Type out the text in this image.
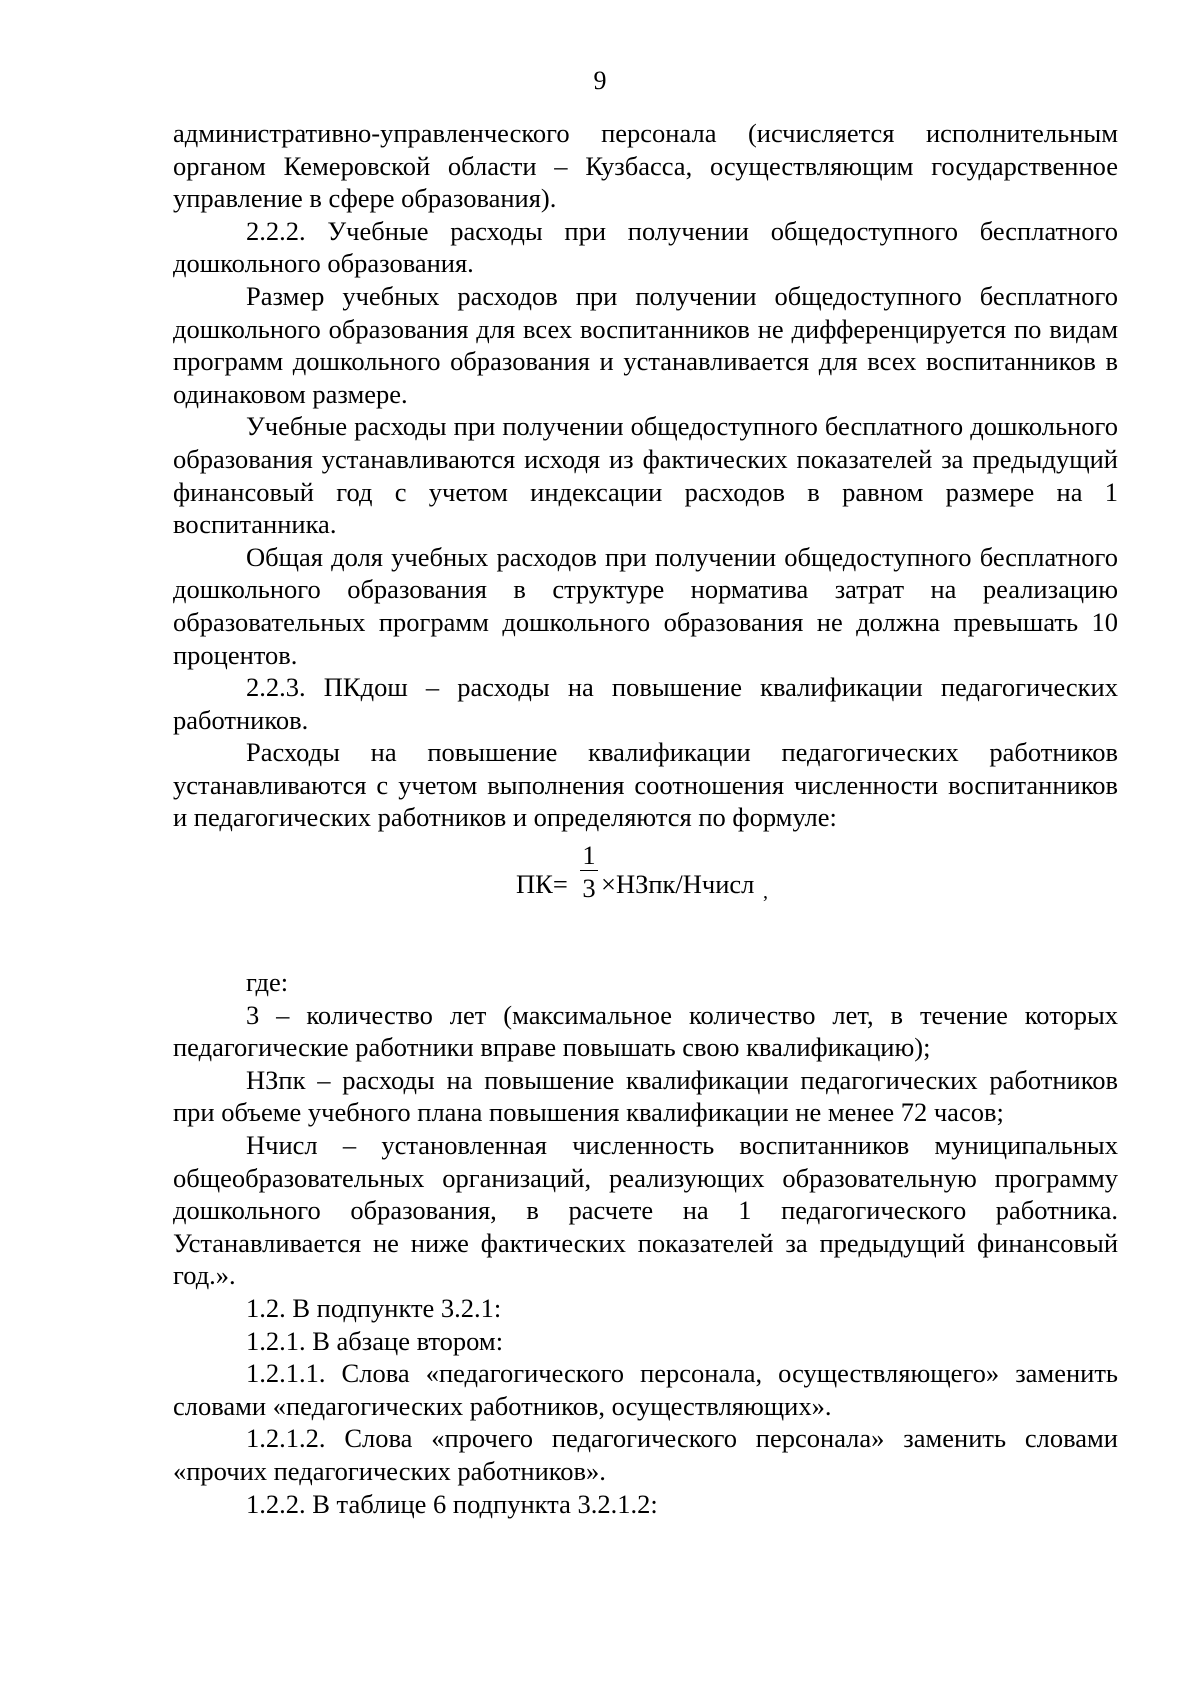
9

административно-управленческого персонала (исчисляется исполнительным органом Кемеровской области – Кузбасса, осуществляющим государственное управление в сфере образования).

2.2.2. Учебные расходы при получении общедоступного бесплатного дошкольного образования.

Размер учебных расходов при получении общедоступного бесплатного дошкольного образования для всех воспитанников не дифференцируется по видам программ дошкольного образования и устанавливается для всех воспитанников в одинаковом размере.

Учебные расходы при получении общедоступного бесплатного дошкольного образования устанавливаются исходя из фактических показателей за предыдущий финансовый год с учетом индексации расходов в равном размере на 1 воспитанника.

Общая доля учебных расходов при получении общедоступного бесплатного дошкольного образования в структуре норматива затрат на реализацию образовательных программ дошкольного образования не должна превышать 10 процентов.

2.2.3. ПКдош – расходы на повышение квалификации педагогических работников.

Расходы на повышение квалификации педагогических работников устанавливаются с учетом выполнения соотношения численности воспитанников и педагогических работников и определяются по формуле:

ПК=
1
3 ×НЗпк/Нчисл ,

где:

3 – количество лет (максимальное количество лет, в течение которых педагогические работники вправе повышать свою квалификацию);

НЗпк – расходы на повышение квалификации педагогических работников при объеме учебного плана повышения квалификации не менее 72 часов;

Нчисл – установленная численность воспитанников муниципальных общеобразовательных организаций, реализующих образовательную программу дошкольного образования, в расчете на 1 педагогического работника. Устанавливается не ниже фактических показателей за предыдущий финансовый год.».

1.2. В подпункте 3.2.1:

1.2.1. В абзаце втором:

1.2.1.1. Слова «педагогического персонала, осуществляющего» заменить словами «педагогических работников, осуществляющих».

1.2.1.2. Слова «прочего педагогического персонала» заменить словами «прочих педагогических работников».

1.2.2. В таблице 6 подпункта 3.2.1.2:
